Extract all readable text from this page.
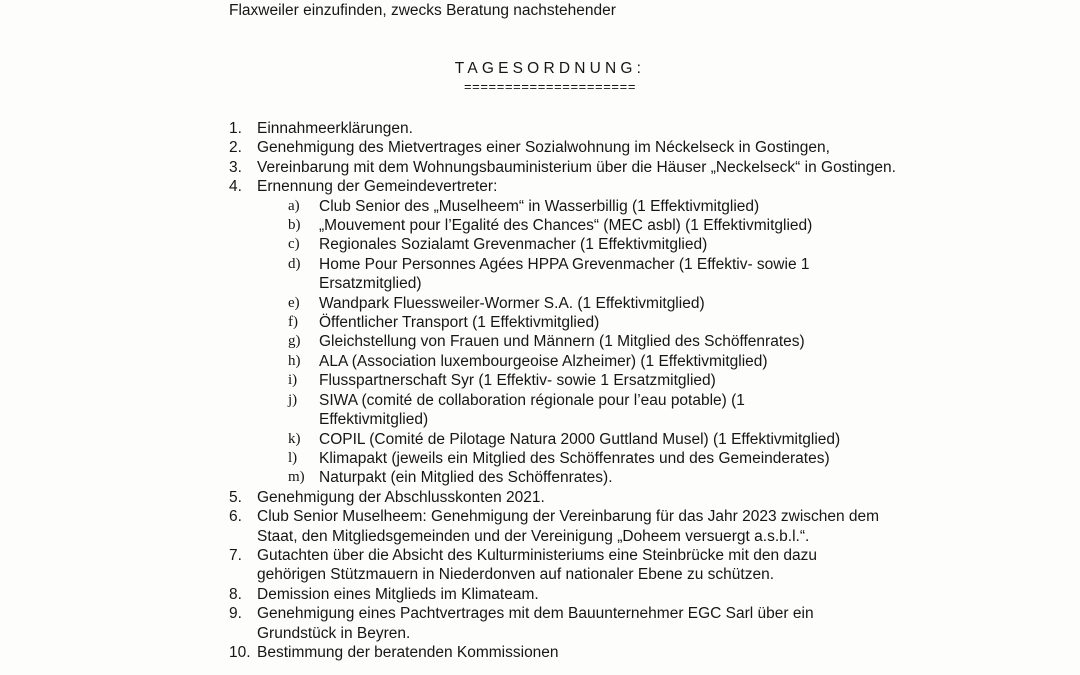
Flaxweiler einzufinden, zwecks Beratung nachstehender
TAGESORDNUNG:
=====================
1. Einnahmeerklärungen.
2. Genehmigung des Mietvertrages einer Sozialwohnung im Néckelseck in Gostingen,
3. Vereinbarung mit dem Wohnungsbauministerium über die Häuser „Neckelseck“ in Gostingen.
4. Ernennung der Gemeindevertreter:
a)	Club Senior des „Muselheem“ in Wasserbillig (1 Effektivmitglied)
b)	„Mouvement pour l’Egalité des Chances“ (MEC asbl) (1 Effektivmitglied)
c)	Regionales Sozialamt Grevenmacher (1 Effektivmitglied)
d)	Home Pour Personnes Agées HPPA Grevenmacher (1 Effektiv- sowie 1 Ersatzmitglied)
e)	Wandpark Fluessweiler-Wormer S.A. (1 Effektivmitglied)
f)	Öffentlicher Transport (1 Effektivmitglied)
g)	Gleichstellung von Frauen und Männern (1 Mitglied des Schöffenrates)
h)	ALA (Association luxembourgeoise Alzheimer) (1 Effektivmitglied)
i)	Flusspartnerschaft Syr (1 Effektiv- sowie 1 Ersatzmitglied)
j)	SIWA (comité de collaboration régionale pour l’eau potable) (1 Effektivmitglied)
k)	COPIL (Comité de Pilotage Natura 2000 Guttland Musel) (1 Effektivmitglied)
l)	Klimapakt (jeweils ein Mitglied des Schöffenrates und des Gemeinderates)
m) Naturpakt (ein Mitglied des Schöffenrates).
5. Genehmigung der Abschlusskonten 2021.
6. Club Senior Muselheem: Genehmigung der Vereinbarung für das Jahr 2023 zwischen dem Staat, den Mitgliedsgemeinden und der Vereinigung „Doheem versuergt a.s.b.l.“.
7. Gutachten über die Absicht des Kulturministeriums eine Steinbrücke mit den dazu gehörigen Stützmauern in Niederdonven auf nationaler Ebene zu schützen.
8. Demission eines Mitglieds im Klimateam.
9. Genehmigung eines Pachtvertrages mit dem Bauunternehmer EGC Sarl über ein Grundstück in Beyren.
10. Bestimmung der beratenden Kommissionen
